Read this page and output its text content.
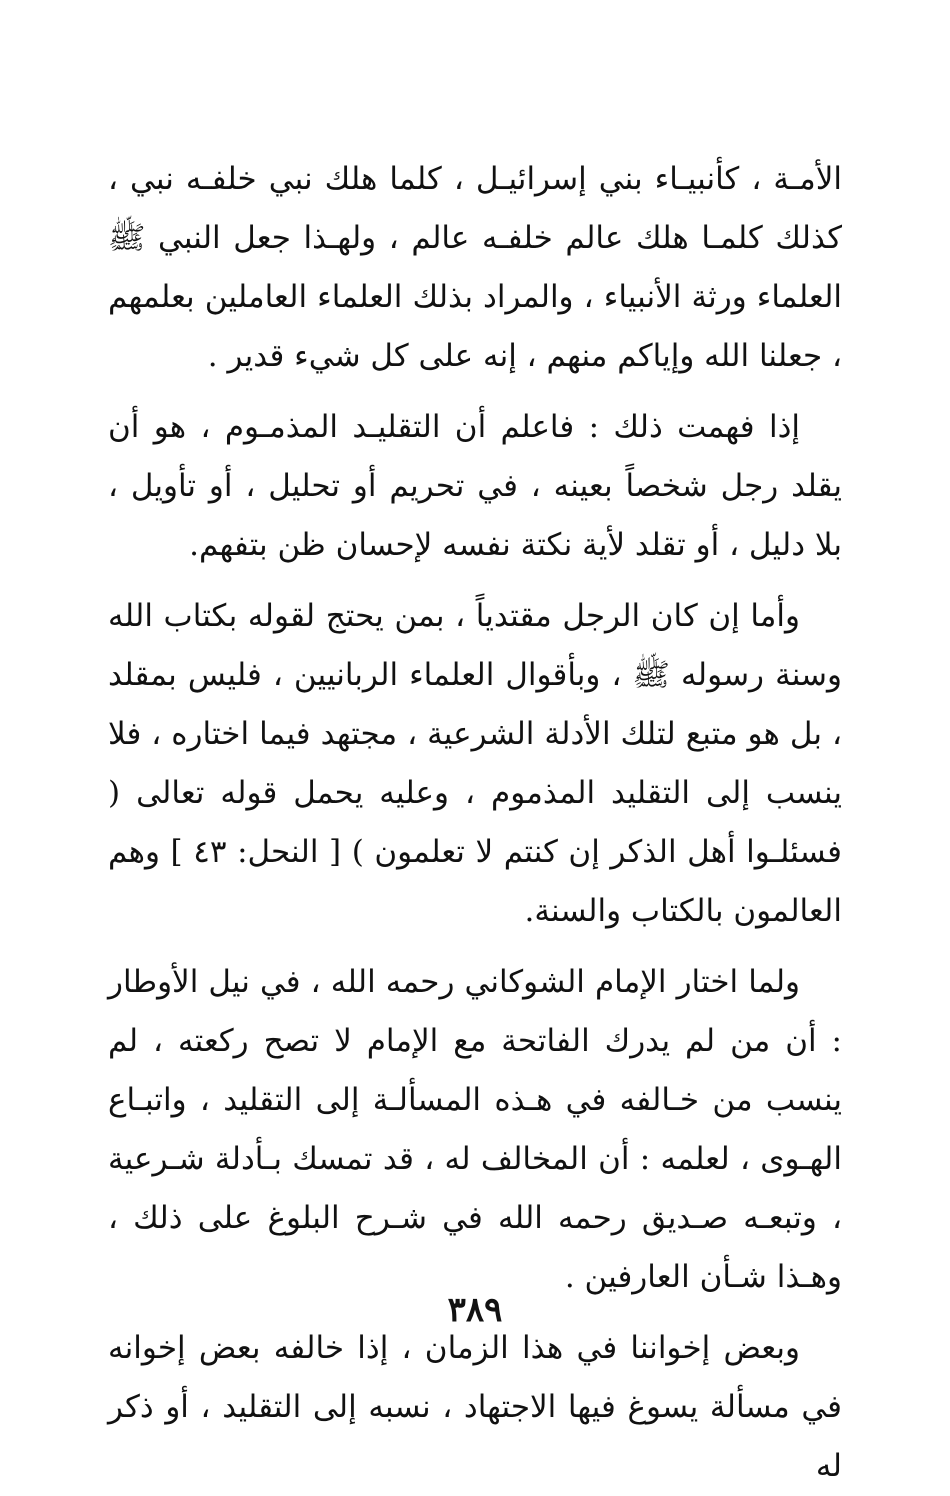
الأمـة ، كأنبيـاء بني إسرائيـل ، كلما هلك نبي خلفـه نبي ، كذلك كلمـا هلك عالم خلفـه عالم ، ولهـذا جعل النبي ﷺ العلماء ورثة الأنبياء ، والمراد بذلك العلماء العاملين بعلمهم ، جعلنا الله وإياكم منهم ، إنه على كل شيء قدير .

إذا فهمت ذلك : فاعلم أن التقليـد المذمـوم ، هو أن يقلد رجل شخصاً بعينه ، في تحريم أو تحليل ، أو تأويل ، بلا دليل ، أو تقلد لأية نكتة نفسه لإحسان ظن بتفهم.

وأما إن كان الرجل مقتدياً ، بمن يحتج لقوله بكتاب الله وسنة رسوله ﷺ ، وبأقوال العلماء الربانيين ، فليس بمقلد ، بل هو متبع لتلك الأدلة الشرعية ، مجتهد فيما اختاره ، فلا ينسب إلى التقليد المذموم ، وعليه يحمل قوله تعالى ( فسئلـوا أهل الذكر إن كنتم لا تعلمون ) [ النحل: ٤٣ ] وهم العالمون بالكتاب والسنة.

ولما اختار الإمام الشوكاني رحمه الله ، في نيل الأوطار : أن من لم يدرك الفاتحة مع الإمام لا تصح ركعته ، لم ينسب من خـالفه في هـذه المسألـة إلى التقليد ، واتبـاع الهـوى ، لعلمه : أن المخالف له ، قد تمسك بـأدلة شـرعية ، وتبعـه صـديق رحمه الله في شـرح البلوغ على ذلك ، وهـذا شـأن العارفين .

وبعض إخواننا في هذا الزمان ، إذا خالفه بعض إخوانه في مسألة يسوغ فيها الاجتهاد ، نسبه إلى التقليد ، أو ذكر له

٣٨٩
